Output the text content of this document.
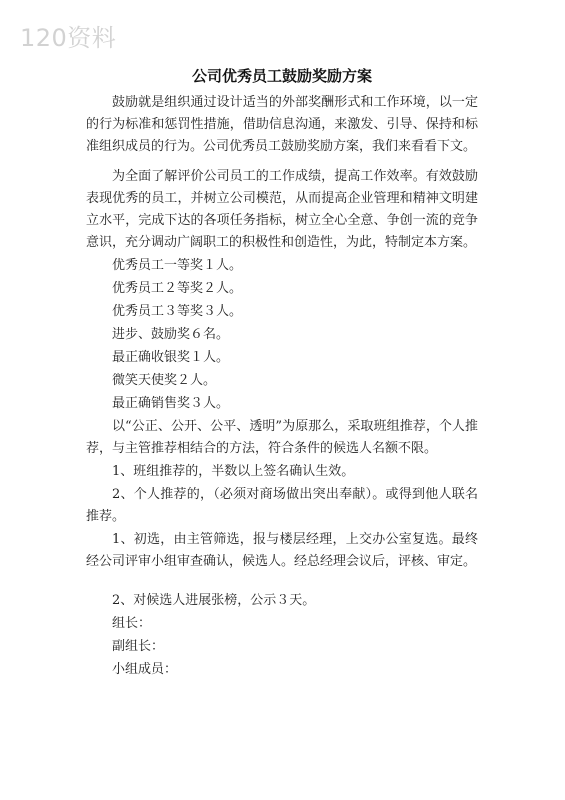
120资料
公司优秀员工鼓励奖励方案

鼓励就是组织通过设计适当的外部奖酬形式和工作环境，以一定的行为标准和惩罚性措施，借助信息沟通，来激发、引导、保持和标准组织成员的行为。公司优秀员工鼓励奖励方案，我们来看看下文。

为全面了解评价公司员工的工作成绩，提高工作效率。有效鼓励表现优秀的员工，并树立公司模范，从而提高企业管理和精神文明建立水平，完成下达的各项任务指标，树立全心全意、争创一流的竞争意识，充分调动广阔职工的积极性和创造性，为此，特制定本方案。

优秀员工一等奖１人。

优秀员工２等奖２人。

优秀员工３等奖３人。

进步、鼓励奖６名。

最正确收银奖１人。

微笑天使奖２人。

最正确销售奖３人。

以“公正、公开、公平、透明”为原那么，采取班组推荐，个人推荐，与主管推荐相结合的方法，符合条件的候选人名额不限。

1、班组推荐的，半数以上签名确认生效。

2、个人推荐的，（必须对商场做出突出奉献）。或得到他人联名推荐。

1、初选，由主管筛选，报与楼层经理，上交办公室复选。最终经公司评审小组审查确认，候选人。经总经理会议后，评核、审定。

2、对候选人进展张榜，公示３天。

组长：

副组长：

小组成员：
